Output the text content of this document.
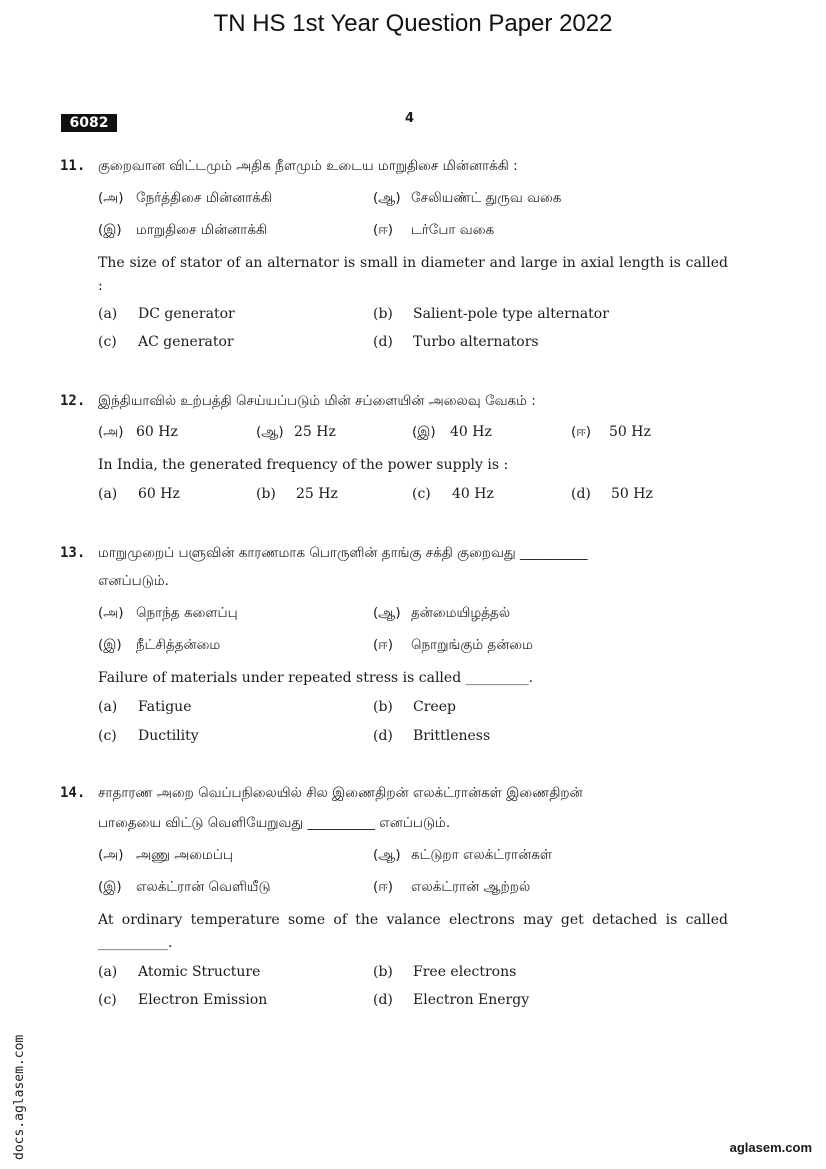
TN HS 1st Year Question Paper 2022
6082	4
11. குறைவான விட்டமும் அதிக நீளமும் உடைய மாறுதிசை மின்னாக்கி :
(அ) நேர்த்திசை மின்னாக்கி	(ஆ) சேலியண்ட் துருவ வகை
(இ) மாறுதிசை மின்னாக்கி	(ஈ) டர்போ வகை
The size of stator of an alternator is small in diameter and large in axial length is called :
(a) DC generator	(b) Salient-pole type alternator
(c) AC generator	(d) Turbo alternators
12. இந்தியாவில் உற்பத்தி செய்யப்படும் மின் சப்ளையின் அலைவு வேகம் :
(அ) 60 Hz	(ஆ) 25 Hz	(இ) 40 Hz	(ஈ) 50 Hz
In India, the generated frequency of the power supply is :
(a) 60 Hz	(b) 25 Hz	(c) 40 Hz	(d) 50 Hz
13. மாறுமுறைப் பளுவின் காரணமாக பொருளின் தாங்கு சக்தி குறைவது __________
எனப்படும்.
(அ) நொந்த களைப்பு	(ஆ) தன்மையிழத்தல்
(இ) நீட்சித்தன்மை	(ஈ) நொறுங்கும் தன்மை
Failure of materials under repeated stress is called _________.
(a) Fatigue	(b) Creep
(c) Ductility	(d) Brittleness
14. சாதாரண அறை வெப்பநிலையில் சில இணைதிறன் எலக்ட்ரான்கள் இணைதிறன்
பாதையை விட்டு வெளியேறுவது __________ எனப்படும்.
(அ) அணு அமைப்பு	(ஆ) கட்டுறா எலக்ட்ரான்கள்
(இ) எலக்ட்ரான் வெளியீடு	(ஈ) எலக்ட்ரான் ஆற்றல்
At ordinary temperature some of the valance electrons may get detached is called __________.
(a) Atomic Structure	(b) Free electrons
(c) Electron Emission	(d) Electron Energy
docs.aglasem.com	aglasem.com
